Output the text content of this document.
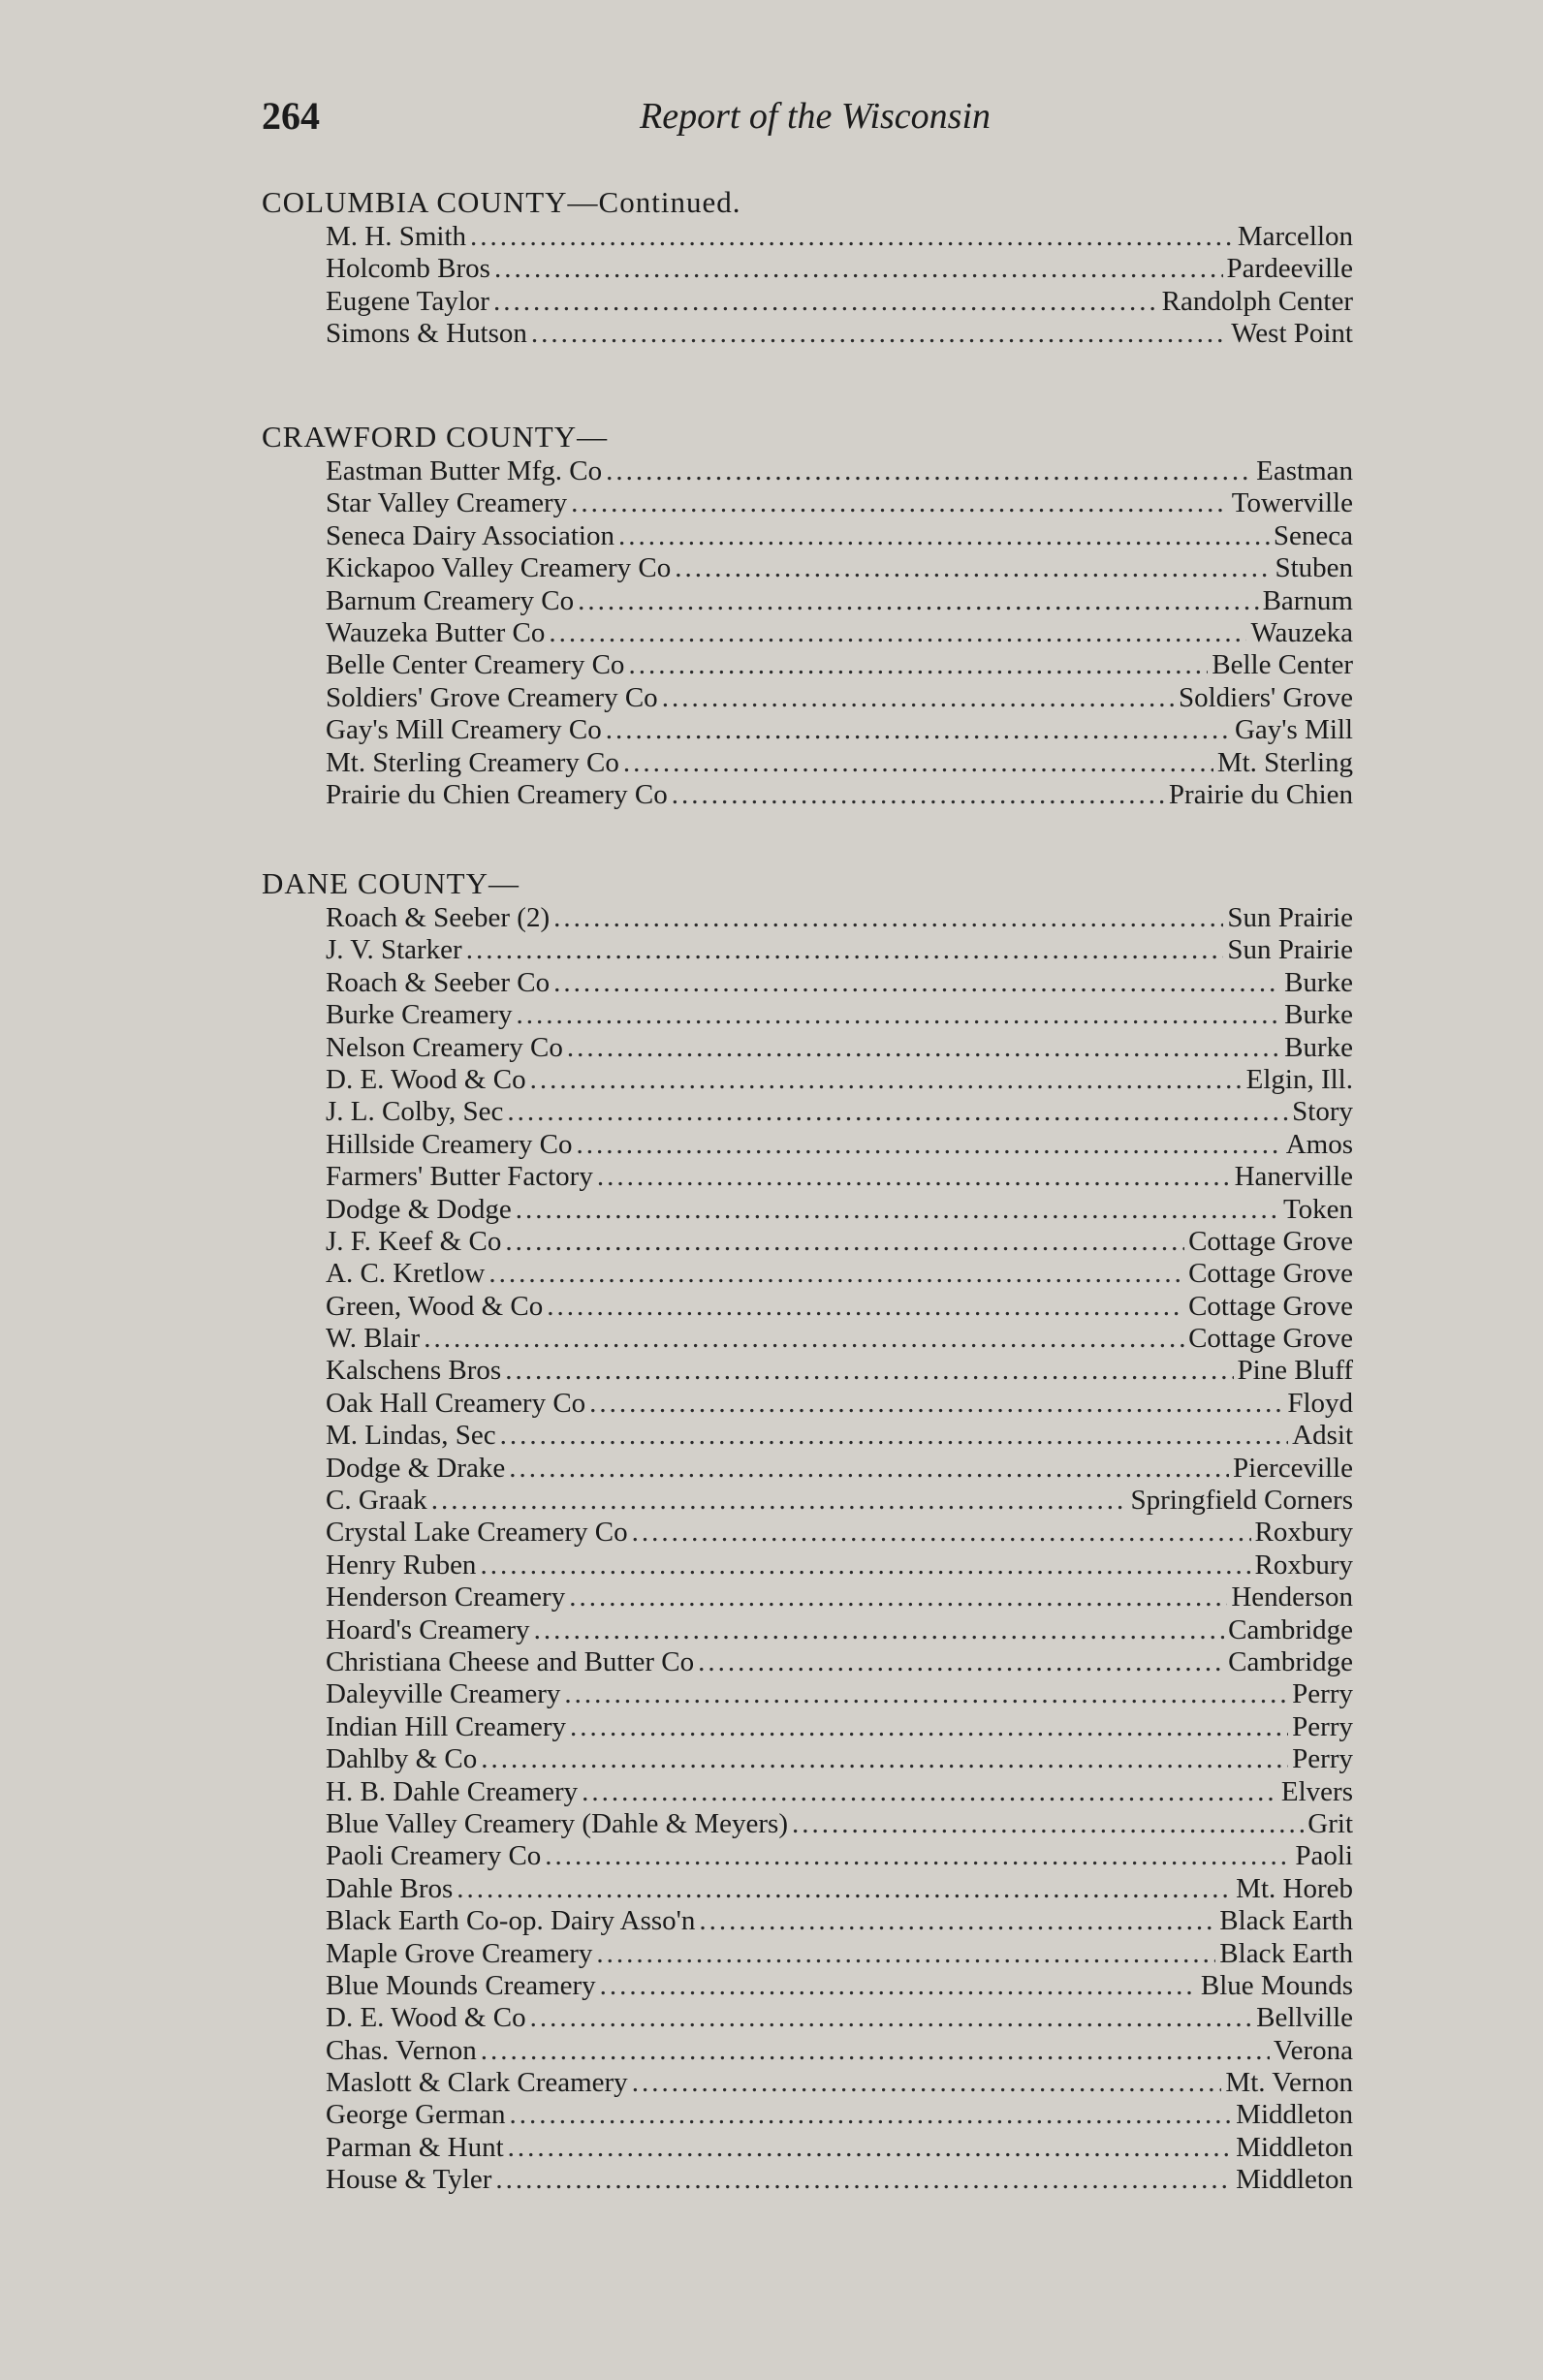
264	Report of the Wisconsin
COLUMBIA COUNTY—Continued.
M. H. Smith .....	Marcellon
Holcomb Bros .....	Pardeeville
Eugene Taylor .....	Randolph Center
Simons & Hutson .....	West Point
CRAWFORD COUNTY—
Eastman Butter Mfg. Co .....	Eastman
Star Valley Creamery .....	Towerville
Seneca Dairy Association .....	Seneca
Kickapoo Valley Creamery Co .....	Stuben
Barnum Creamery Co .....	Barnum
Wauzeka Butter Co .....	Wauzeka
Belle Center Creamery Co .....	Belle Center
Soldiers' Grove Creamery Co .....	Soldiers' Grove
Gay's Mill Creamery Co .....	Gay's Mill
Mt. Sterling Creamery Co .....	Mt. Sterling
Prairie du Chien Creamery Co .....	Prairie du Chien
DANE COUNTY—
Roach & Seeber (2) .....	Sun Prairie
J. V. Starker .....	Sun Prairie
Roach & Seeber Co .....	Burke
Burke Creamery .....	Burke
Nelson Creamery Co .....	Burke
D. E. Wood & Co .....	Elgin, Ill.
J. L. Colby, Sec .....	Story
Hillside Creamery Co .....	Amos
Farmers' Butter Factory .....	Hanerville
Dodge & Dodge .....	Token
J. F. Keef & Co .....	Cottage Grove
A. C. Kretlow .....	Cottage Grove
Green, Wood & Co .....	Cottage Grove
W. Blair .....	Cottage Grove
Kalschens Bros .....	Pine Bluff
Oak Hall Creamery Co .....	Floyd
M. Lindas, Sec .....	Adsit
Dodge & Drake .....	Pierceville
C. Graak .....	Springfield Corners
Crystal Lake Creamery Co .....	Roxbury
Henry Ruben .....	Roxbury
Henderson Creamery .....	Henderson
Hoard's Creamery .....	Cambridge
Christiana Cheese and Butter Co .....	Cambridge
Daleyville Creamery .....	Perry
Indian Hill Creamery .....	Perry
Dahlby & Co .....	Perry
H. B. Dahle Creamery .....	Elvers
Blue Valley Creamery (Dahle & Meyers) .....	Grit
Paoli Creamery Co .....	Paoli
Dahle Bros .....	Mt. Horeb
Black Earth Co-op. Dairy Asso'n .....	Black Earth
Maple Grove Creamery .....	Black Earth
Blue Mounds Creamery .....	Blue Mounds
D. E. Wood & Co .....	Bellville
Chas. Vernon .....	Verona
Maslott & Clark Creamery .....	Mt. Vernon
George German .....	Middleton
Parman & Hunt .....	Middleton
House & Tyler .....	Middleton
